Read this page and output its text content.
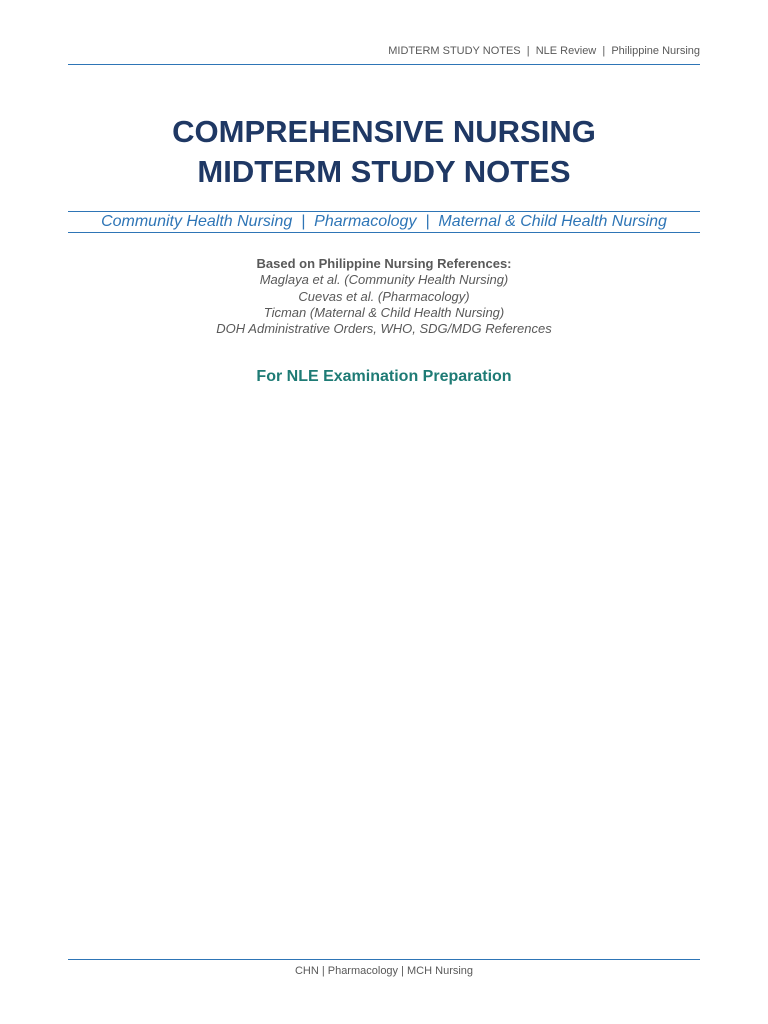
MIDTERM STUDY NOTES  |  NLE Review  |  Philippine Nursing
COMPREHENSIVE NURSING
MIDTERM STUDY NOTES
Community Health Nursing  |  Pharmacology  |  Maternal & Child Health Nursing
Based on Philippine Nursing References:
Maglaya et al. (Community Health Nursing)
Cuevas et al. (Pharmacology)
Ticman (Maternal & Child Health Nursing)
DOH Administrative Orders, WHO, SDG/MDG References
For NLE Examination Preparation
CHN | Pharmacology | MCH Nursing
